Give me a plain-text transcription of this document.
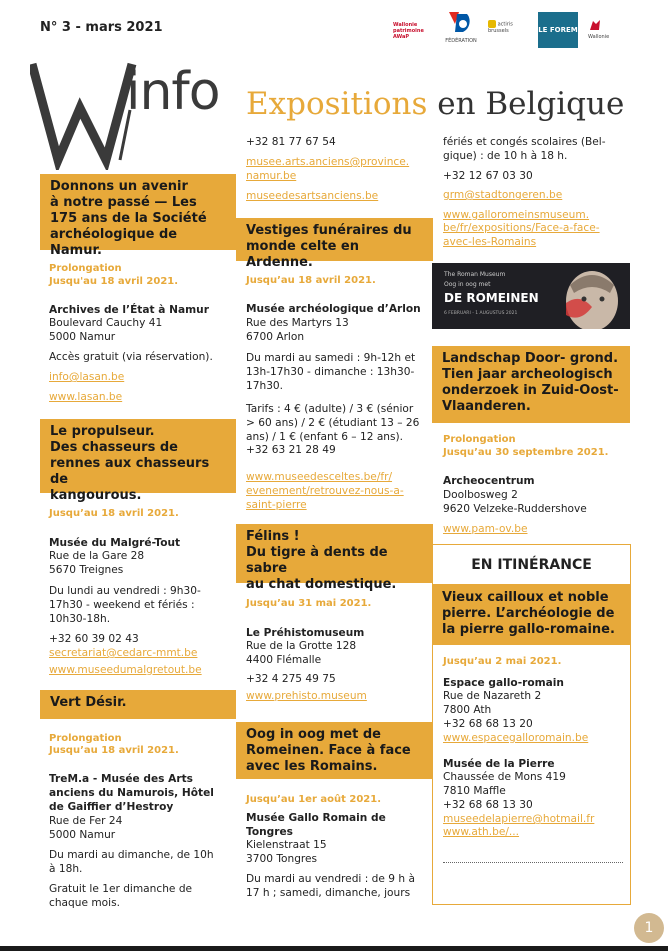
N° 3 - mars 2021	Wallonie patrimoine AWaP
FÉDÉRATION
actiris brussels	LE FOREM
Wallonie
info Expositions en Belgique
Donnons un avenir
à notre passé — Les
175 ans de la Société
archéologique de Namur.
Prolongation
Jusqu'au 18 avril 2021.
Archives de l’État à Namur
Boulevard Cauchy 41
5000 Namur
Accès gratuit (via réservation).
info@lasan.be
www.lasan.be
Le propulseur.
Des chasseurs de
rennes aux chasseurs de
kangourous.
Jusqu’au 18 avril 2021.
Musée du Malgré-Tout
Rue de la Gare 28
5670 Treignes
Du lundi au vendredi : 9h30-
17h30 - weekend et fériés :
10h30-18h.
+32 60 39 02 43
secretariat@cedarc-mmt.be
www.museedumalgretout.be
Vert Désir.
Prolongation
Jusqu’au 18 avril 2021.
TreM.a - Musée des Arts
anciens du Namurois, Hôtel
de Gaiffier d’Hestroy
Rue de Fer 24
5000 Namur
Du mardi au dimanche, de 10h
à 18h.
Gratuit le 1er dimanche de
chaque mois.
+32 81 77 67 54
musee.arts.anciens@province.
namur.be
museedesartsanciens.be
Vestiges funéraires du
monde celte en Ardenne.
Jusqu’au 18 avril 2021.
Musée archéologique d’Arlon
Rue des Martyrs 13
6700 Arlon
Du mardi au samedi : 9h-12h et
13h-17h30 - dimanche : 13h30-
17h30.
Tarifs : 4 € (adulte) / 3 € (sénior
> 60 ans) / 2 € (étudiant 13 – 26
ans) / 1 € (enfant 6 – 12 ans).
+32 63 21 28 49
www.museedesceltes.be/fr/
evenement/retrouvez-nous-a-
saint-pierre
Félins !
Du tigre à dents de sabre
au chat domestique.
Jusqu’au 31 mai 2021.
Le Préhistomuseum
Rue de la Grotte 128
4400 Flémalle
+32 4 275 49 75
www.prehisto.museum
Oog in oog met de
Romeinen. Face à face
avec les Romains.
Jusqu’au 1er août 2021.
Musée Gallo Romain de
Tongres
Kielenstraat 15
3700 Tongres
Du mardi au vendredi : de 9 h à
17 h ; samedi, dimanche, jours
fériés et congés scolaires (Bel-
gique) : de 10 h à 18 h.
+32 12 67 03 30
grm@stadtongeren.be
www.galloromeinsmuseum.
be/fr/expositions/Face-a-face-
avec-les-Romains
The Roman Museum
Oog in oog met
DE ROMEINEN
6 FEBRUARI - 1 AUGUSTUS 2021
Landschap Door- grond.
Tien jaar archeologisch
onderzoek in Zuid-Oost-
Vlaanderen.
Prolongation
Jusqu’au 30 septembre 2021.
Archeocentrum
Doolbosweg 2
9620 Velzeke-Ruddershove
www.pam-ov.be
EN ITINÉRANCE
Vieux cailloux et noble
pierre. L’archéologie de
la pierre gallo-romaine.
Jusqu’au 2 mai 2021.
Espace gallo-romain
Rue de Nazareth 2
7800 Ath
+32 68 68 13 20
www.espacegalloromain.be
Musée de la Pierre
Chaussée de Mons 419
7810 Maffle
+32 68 68 13 30
museedelapierre@hotmail.fr
www.ath.be/...
1
